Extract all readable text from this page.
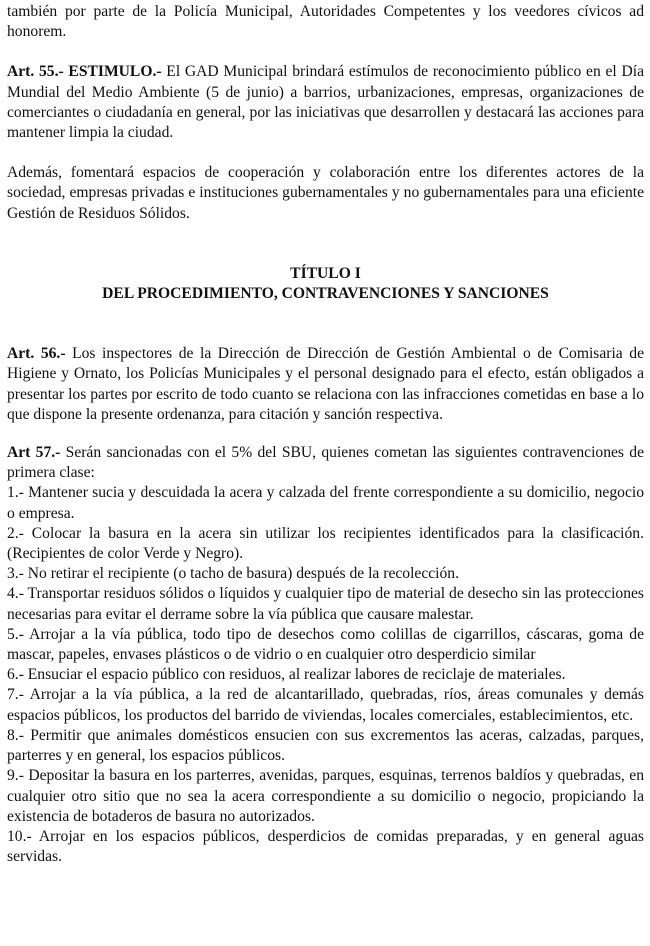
también por parte de la Policía Municipal, Autoridades Competentes y los veedores cívicos ad honorem.

Art. 55.- ESTIMULO.- El GAD Municipal brindará estímulos de reconocimiento público en el Día Mundial del Medio Ambiente (5 de junio) a barrios, urbanizaciones, empresas, organizaciones de comerciantes o ciudadanía en general, por las iniciativas que desarrollen y destacará las acciones para mantener limpia la ciudad.

Además, fomentará espacios de cooperación y colaboración entre los diferentes actores de la sociedad, empresas privadas e instituciones gubernamentales y no gubernamentales para una eficiente Gestión de Residuos Sólidos.

TÍTULO I
DEL PROCEDIMIENTO, CONTRAVENCIONES Y SANCIONES

Art. 56.- Los inspectores de la Dirección de Dirección de Gestión Ambiental o de Comisaria de Higiene y Ornato, los Policías Municipales y el personal designado para el efecto, están obligados a presentar los partes por escrito de todo cuanto se relaciona con las infracciones cometidas en base a lo que dispone la presente ordenanza, para citación y sanción respectiva.

Art 57.- Serán sancionadas con el 5% del SBU, quienes cometan las siguientes contravenciones de primera clase:

1.- Mantener sucia y descuidada la acera y calzada del frente correspondiente a su domicilio, negocio o empresa.

2.- Colocar la basura en la acera sin utilizar los recipientes identificados para la clasificación. (Recipientes de color Verde y Negro).

3.- No retirar el recipiente (o tacho de basura) después de la recolección.

4.- Transportar residuos sólidos o líquidos y cualquier tipo de material de desecho sin las protecciones necesarias para evitar el derrame sobre la vía pública que causare malestar.

5.- Arrojar a la vía pública, todo tipo de desechos como colillas de cigarrillos, cáscaras, goma de mascar, papeles, envases plásticos o de vidrio o en cualquier otro desperdicio similar

6.- Ensuciar el espacio público con residuos, al realizar labores de reciclaje de materiales.

7.- Arrojar a la vía pública, a la red de alcantarillado, quebradas, ríos, áreas comunales y demás espacios públicos, los productos del barrido de viviendas, locales comerciales, establecimientos, etc.

8.- Permitir que animales domésticos ensucien con sus excrementos las aceras, calzadas, parques, parterres y en general, los espacios públicos.

9.- Depositar la basura en los parterres, avenidas, parques, esquinas, terrenos baldíos y quebradas, en cualquier otro sitio que no sea la acera correspondiente a su domicilio o negocio, propiciando la existencia de botaderos de basura no autorizados.

10.- Arrojar en los espacios públicos, desperdicios de comidas preparadas, y en general aguas servidas.
